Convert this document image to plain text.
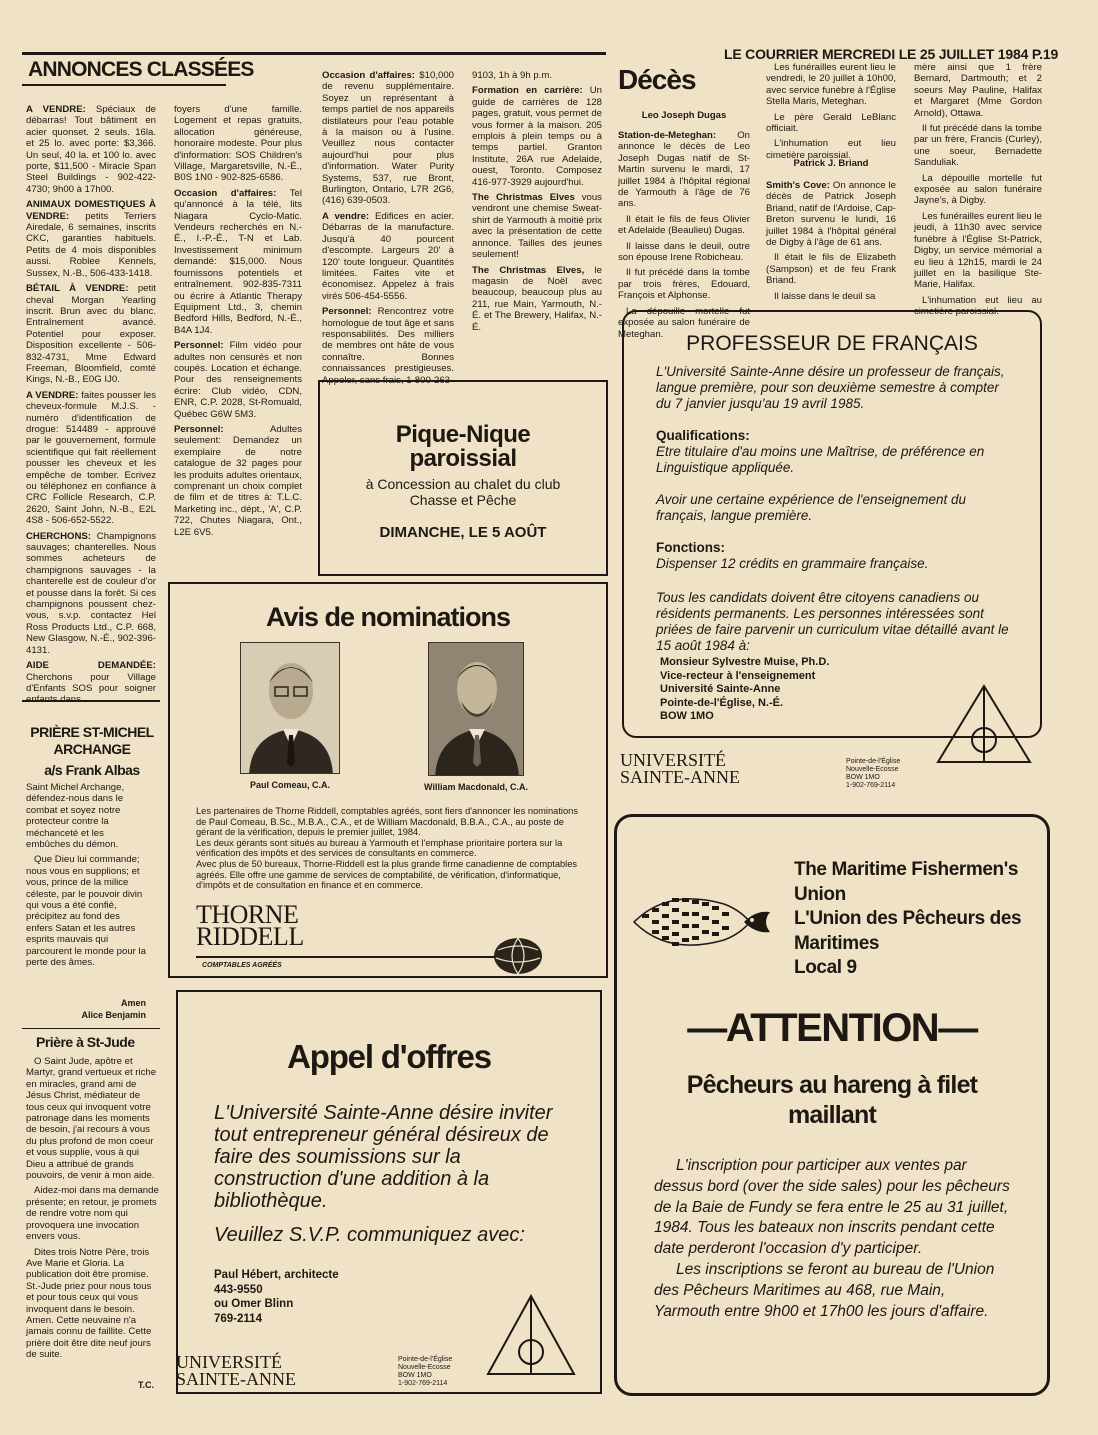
ANNONCES CLASSÉES
LE COURRIER MERCREDI LE 25 JUILLET 1984 P.19

A VENDRE: Spéciaux de débarras! Tout bâtiment en acier quonset. 2 seuls. 16la. et 25 lo. avec porte: $3,366. Un seul, 40 la. et 100 lo. avec porte, $11,500 - Miracle Span Steel Buildings - 902-422-4730; 9h00 à 17h00.

ANIMAUX DOMESTIQUES À VENDRE: petits Terriers Airedale, 6 semaines, inscrits CKC, garanties habituels. Petits de 4 mois disponibles aussi. Roblee Kennels, Sussex, N.-B., 506-433-1418.

BÉTAIL À VENDRE: petit cheval Morgan Yearling inscrit. Brun avec du blanc. Entraînement avancé. Potentiel pour exposer. Disposition excellente - 506-832-4731, Mme Edward Freeman, Bloomfield, comté Kings, N.-B., E0G IJ0.

A VENDRE: faites pousser les cheveux-formule M.J.S. - numéro d'identification de drogue: 514489 - approuvé par le gouvernement, formule scientifique qui fait réellement pousser les cheveux et les empêche de tomber. Ecrivez ou téléphonez en confiance à CRC Follicle Research, C.P. 2620, Saint John, N.-B., E2L 4S8 - 506-652-5522.

CHERCHONS: Champignons sauvages; chanterelles. Nous sommes acheteurs de champignons sauvages - la chanterelle est de couleur d'or et pousse dans la forêt. Si ces champignons poussent chez-vous, s.v.p. contactez Hel Ross Products Ltd., C.P. 668, New Glasgow, N.-É., 902-396-4131.

AIDE DEMANDÉE: Cherchons pour Village d'Enfants SOS pour soigner

foyers d'une famille. Logement et repas gratuits, allocation généreuse, honoraire modeste. Pour plus d'information: SOS Children's Village, Margaretsville, N.-É., B0S 1N0 - 902-825-6586.

Occasion d'affaires: Tel qu'annoncé à la télé, lits Niagara Cyclo-Matic. Vendeurs recherchés en N.-É., I.-P.-É., T-N et Lab. Investissement minimum demandé: $15,000. Nous fournissons potentiels et entraînement. 902-835-7311 ou écrire à Atlantic Therapy Equipment Ltd., 3, chemin Bedford Hills, Bedford, N.-É., B4A 1J4.

Personnel: Film vidéo pour adultes non censurés et non coupés. Location et échange. Pour des renseignements écrire: Club vidéo, CDN, ENR, C.P. 2028, St-Romuald, Québec G6W 5M3.

Personnel: Adultes seulement: Demandez un exemplaire de notre catalogue de 32 pages pour les produits adultes orientaux, comprenant un choix complet de film et de titres à: T.L.C. Marketing inc., dépt., 'A', C.P. 722, Chutes Niagara, Ont., L2E 6V5.

Occasion d'affaires: $10,000 de revenu supplémentaire. Soyez un représentant à temps partiel de nos appareils distilateurs pour l'eau potable à la maison ou à l'usine. Veuillez nous contacter aujourd'hui pour plus d'information. Water Purity Systems, 537, rue Bront, Burlington, Ontario, L7R 2G6, (416) 639-0503.

A vendre: Edifices en acier. Débarras de la manufacture. Jusqu'à 40 pourcent d'escompte. Largeurs 20' à 120' toute longueur. Quantités limitées. Faites vite et économisez. Appelez à frais virés 506-454-5556.

Personnel: Rencontrez votre homologue de tout âge et sans responsabilités. Des milliers de membres ont hâte de vous connaître. Bonnes connaissances prestigieuses. Appeler, sans frais, 1-800-263-

9103, 1h à 9h p.m.

Formation en carrière: Un guide de carrières de 128 pages, gratuit, vous permet de vous former à la maison. 205 emplois à plein temps ou à temps partiel. Granton Institute, 26A rue Adelaide, ouest, Toronto. Composez 416-977-3929 aujourd'hui.

The Christmas Elves vous vendront une chemise Sweat-shirt de Yarmouth à moitié prix avec la présentation de cette annonce. Tailles des jeunes seulement!

The Christmas Elves, le magasin de Noël avec beaucoup, beaucoup plus au 211, rue Main, Yarmouth, N.-É. et The Brewery, Halifax, N.-É.

PRIÈRE ST-MICHEL ARCHANGE
a/s Frank Albas

Saint Michel Archange, défendez-nous dans le combat et soyez notre protecteur contre la méchanceté et les embûches du démon.

Que Dieu lui commande; nous vous en supplions; et vous, prince de la milice céleste, par le pouvoir divin qui vous a été confié, précipitez au fond des enfers Satan et les autres esprits mauvais qui parcourent le monde pour la perte des âmes.

Amen
Alice Benjamin
Prière à St-Jude

O Saint Jude, apôtre et Martyr, grand vertueux et riche en miracles, grand ami de Jésus Christ, médiateur de tous ceux qui invoquent votre patronage dans les moments de besoin, j'ai recours à vous du plus profond de mon coeur et vous supplie, vous à qui Dieu a attribué de grands pouvoirs, de venir à mon aide.

Aidez-moi dans ma demande présente; en retour, je promets de rendre votre nom qui provoquera une invocation envers vous.

Dites trois Notre Père, trois Ave Marie et Gloria. La publication doit être promise. St.-Jude priez pour nous tous et pour tous ceux qui vous invoquent dans le besoin. Amen. Cette neuvaine n'a jamais connu de faillite. Cette prière doit être dite neuf jours de suite.

T.C.
Décès
Leo Joseph Dugas

Station-de-Meteghan: On annonce le décès de Leo Joseph Dugas natif de St-Martin survenu le mardi, 17 juillet 1984 à l'hôpital régional de Yarmouth à l'âge de 76 ans.

Il était le fils de feus Olivier et Adelaide (Beaulieu) Dugas.

Il laisse dans le deuil, outre son épouse Irene Robicheau.

Il fut précédé dans la tombe par trois frères, Edouard, François et Alphonse.

La dépouille mortelle fut exposée au salon funéraire de Meteghan.

Les funérailles eurent lieu le vendredi, le 20 juillet à 10h00, avec service funèbre à l'Église Stella Maris, Meteghan.

Le père Gerald LeBlanc officiait.

L'inhumation eut lieu cimetière paroissial.

Patrick J. Briand

Smith's Cove: On annonce le décès de Patrick Joseph Briand, natif de l'Ardoise, Cap-Breton survenu le lundi, 16 juillet 1984 à l'hôpital général de Digby à l'âge de 61 ans.

Il était le fils de Elizabeth (Sampson) et de feu Frank Briand.

Il laisse dans le deuil sa

mère ainsi que 1 frère Bernard, Dartmouth; et 2 soeurs May Pauline, Halifax et Margaret (Mme Gordon Arnold), Ottawa.

Il fut précédé dans la tombe par un frère, Francis (Curley), une soeur, Bernadette Sanduliak.

La dépouille mortelle fut exposée au salon funéraire Jayne's, à Digby.

Les funérailles eurent lieu le jeudi, à 11h30 avec service funèbre à l'Église St-Patrick, Digby, un service mémorial a eu lieu à 12h15, mardi le 24 juillet en la basilique Ste-Marie, Halifax.

L'inhumation eut lieu au cimetière paroissial.

Pique-Nique
paroissial
à Concession au chalet du club
Chasse et Pêche
DIMANCHE, LE 5 AOÛT
PROFESSEUR DE FRANÇAIS
L'Université Sainte-Anne désire un professeur de français, langue première, pour son deuxième semestre à compter du 7 janvier jusqu'au 19 avril 1985.
Qualifications:
Etre titulaire d'au moins une Maîtrise, de préférence en Linguistique appliquée.
Avoir une certaine expérience de l'enseignement du français, langue première.
Fonctions:
Dispenser 12 crédits en grammaire française.
Tous les candidats doivent être citoyens canadiens ou résidents permanents. Les personnes intéressées sont priées de faire parvenir un curriculum vitae détaillé avant le 15 août 1984 à:
Monsieur Sylvestre Muise, Ph.D.
Vice-recteur à l'enseignement
Université Sainte-Anne
Pointe-de-l'Église, N.-É.
BOW 1MO
UNIVERSITÉ
SAINTE-ANNE
Pointe-de-l'Église
Nouvelle-Ecosse
BOW 1MO
1-902-769-2114
Avis de nominations
Paul Comeau, C.A.	William Macdonald, C.A.
Les partenaires de Thorne Riddell, comptables agréés, sont fiers d'annoncer les nominations de Paul Comeau, B.Sc., M.B.A., C.A., et de William Macdonald, B.B.A., C.A., au poste de gérant de la vérification, depuis le premier juillet, 1984.
Les deux gérants sont situés au bureau à Yarmouth et l'emphase prioritaire portera sur la vérification des impôts et des services de consultants en commerce.
Avec plus de 50 bureaux, Thorne-Riddell est la plus grande firme canadienne de comptables agréés. Elle offre une gamme de services de comptabilité, de vérification, d'informatique, d'impôts et de consultation en finance et en commerce.
THORNE
RIDDELL
COMPTABLES AGRÉÉS
Appel d'offres
L'Université Sainte-Anne désire inviter tout entrepreneur général désireux de faire des soumissions sur la construction d'une addition à la bibliothèque.
Veuillez S.V.P. communiquez avec:
Paul Hébert, architecte
443-9550
ou Omer Blinn
769-2114
UNIVERSITÉ
SAINTE-ANNE
Pointe-de-l'Église
Nouvelle-Ecosse
BOW 1MO
1-902-769-2114
The Maritime Fishermen's
Union
L'Union des Pêcheurs des
Maritimes
Local 9
—ATTENTION—
Pêcheurs au hareng à filet
maillant
L'inscription pour participer aux ventes par dessus bord (over the side sales) pour les pêcheurs de la Baie de Fundy se fera entre le 25 au 31 juillet, 1984. Tous les bateaux non inscrits pendant cette date perderont l'occasion d'y participer.
Les inscriptions se feront au bureau de l'Union des Pêcheurs Maritimes au 468, rue Main, Yarmouth entre 9h00 et 17h00 les jours d'affaire.
